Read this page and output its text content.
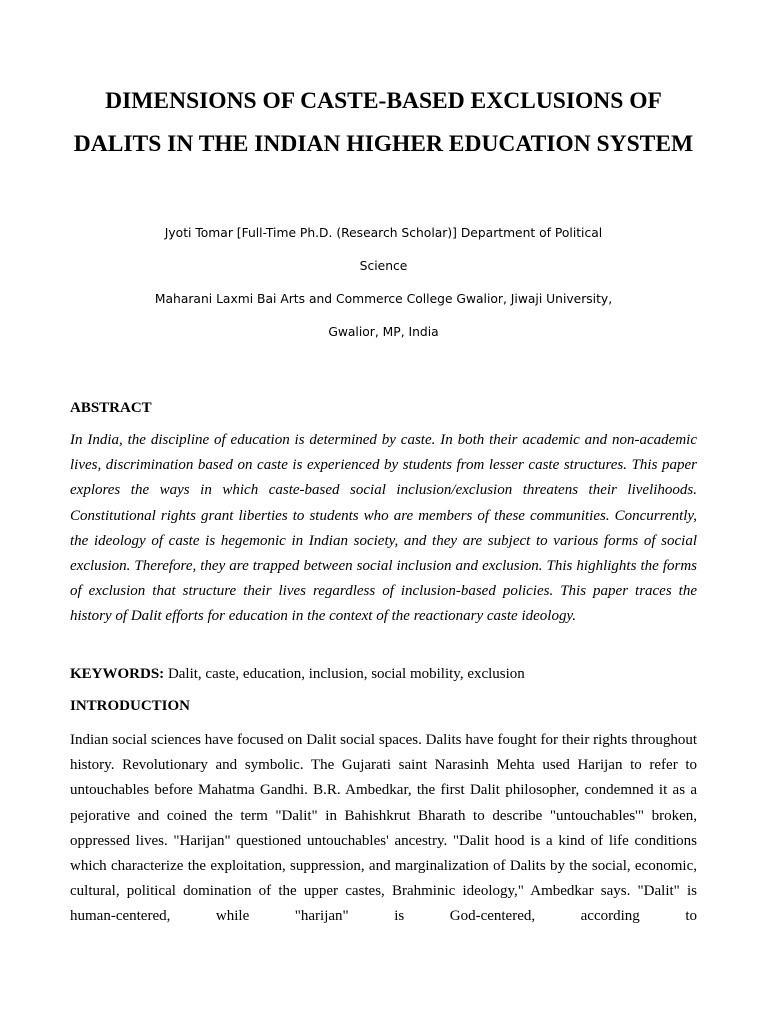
DIMENSIONS OF CASTE-BASED EXCLUSIONS OF DALITS IN THE INDIAN HIGHER EDUCATION SYSTEM
Jyoti Tomar [Full-Time Ph.D. (Research Scholar)] Department of Political
Science
Maharani Laxmi Bai Arts and Commerce College Gwalior, Jiwaji University,
Gwalior, MP, India
ABSTRACT

In India, the discipline of education is determined by caste. In both their academic and non-academic lives, discrimination based on caste is experienced by students from lesser caste structures. This paper explores the ways in which caste-based social inclusion/exclusion threatens their livelihoods. Constitutional rights grant liberties to students who are members of these communities. Concurrently, the ideology of caste is hegemonic in Indian society, and they are subject to various forms of social exclusion. Therefore, they are trapped between social inclusion and exclusion. This highlights the forms of exclusion that structure their lives regardless of inclusion-based policies. This paper traces the history of Dalit efforts for education in the context of the reactionary caste ideology.

KEYWORDS: Dalit, caste, education, inclusion, social mobility, exclusion

INTRODUCTION

Indian social sciences have focused on Dalit social spaces. Dalits have fought for their rights throughout history. Revolutionary and symbolic. The Gujarati saint Narasinh Mehta used Harijan to refer to untouchables before Mahatma Gandhi. B.R. Ambedkar, the first Dalit philosopher, condemned it as a pejorative and coined the term "Dalit" in Bahishkrut Bharath to describe "untouchables'" broken, oppressed lives. "Harijan" questioned untouchables' ancestry. "Dalit hood is a kind of life conditions which characterize the exploitation, suppression, and marginalization of Dalits by the social, economic, cultural, political domination of the upper castes, Brahminic ideology," Ambedkar says. "Dalit" is human-centered, while "harijan" is God-centered, according to
